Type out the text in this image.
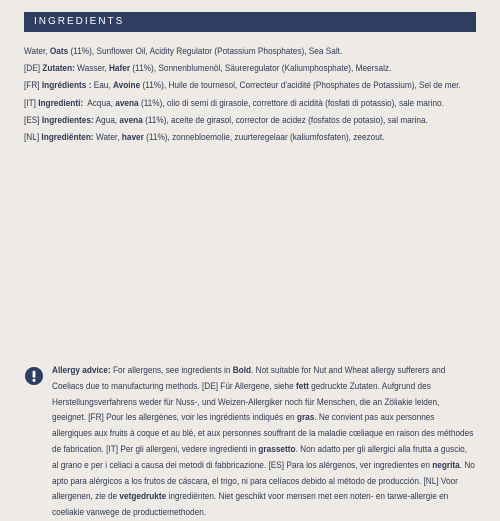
INGREDIENTS

Water, Oats (11%), Sunflower Oil, Acidity Regulator (Potassium Phosphates), Sea Salt.

[DE] Zutaten: Wasser, Hafer (11%), Sonnenblumenöl, Säureregulator (Kaliumphosphate), Meersalz.

[FR] Ingrédients : Eau, Avoine (11%), Huile de tournesol, Correcteur d'acidité (Phosphates de Potassium), Sel de mer.

[IT] Ingredienti:  Acqua, avena (11%), olio di semi di girasole, correttore di acidità (fosfati di potassio), sale marino.

[ES] Ingredientes: Agua, avena (11%), aceite de girasol, corrector de acidez (fosfatos de potasio), sal marina.

[NL] Ingrediënten: Water, haver (11%), zonnebloemolie, zuurteregelaar (kaliumfosfaten), zeezout.

Allergy advice: For allergens, see ingredients in Bold. Not suitable for Nut and Wheat allergy sufferers and Coeliacs due to manufacturing methods. [DE] Für Allergene, siehe fett gedruckte Zutaten. Aufgrund des Herstellungsverfahrens weder für Nuss-, und Weizen-Allergiker noch für Menschen, die an Zöliakie leiden, geeignet. [FR] Pour les allergènes, voir les ingrédients indiqués en gras. Ne convient pas aux personnes allergiques aux fruits à coque et au blé, et aux personnes souffrant de la maladie cœliaque en raison des méthodes de fabrication. [IT] Per gli allergeni, vedere ingredienti in grassetto. Non adatto per gli allergici alla frutta a guscio, al grano e per i celiaci a causa dei metodi di fabbricazione. [ES] Para los alérgenos, ver ingredientes en negrita. No apto para alérgicos a los frutos de cáscara, el trigo, ni para celíacos debido al método de producción. [NL] Voor allergenen, zie de vetgedrukte ingrediënten. Niet geschikt voor mensen met een noten- en tarwe-allergie en coeliakie vanwege de productiemethoden.
